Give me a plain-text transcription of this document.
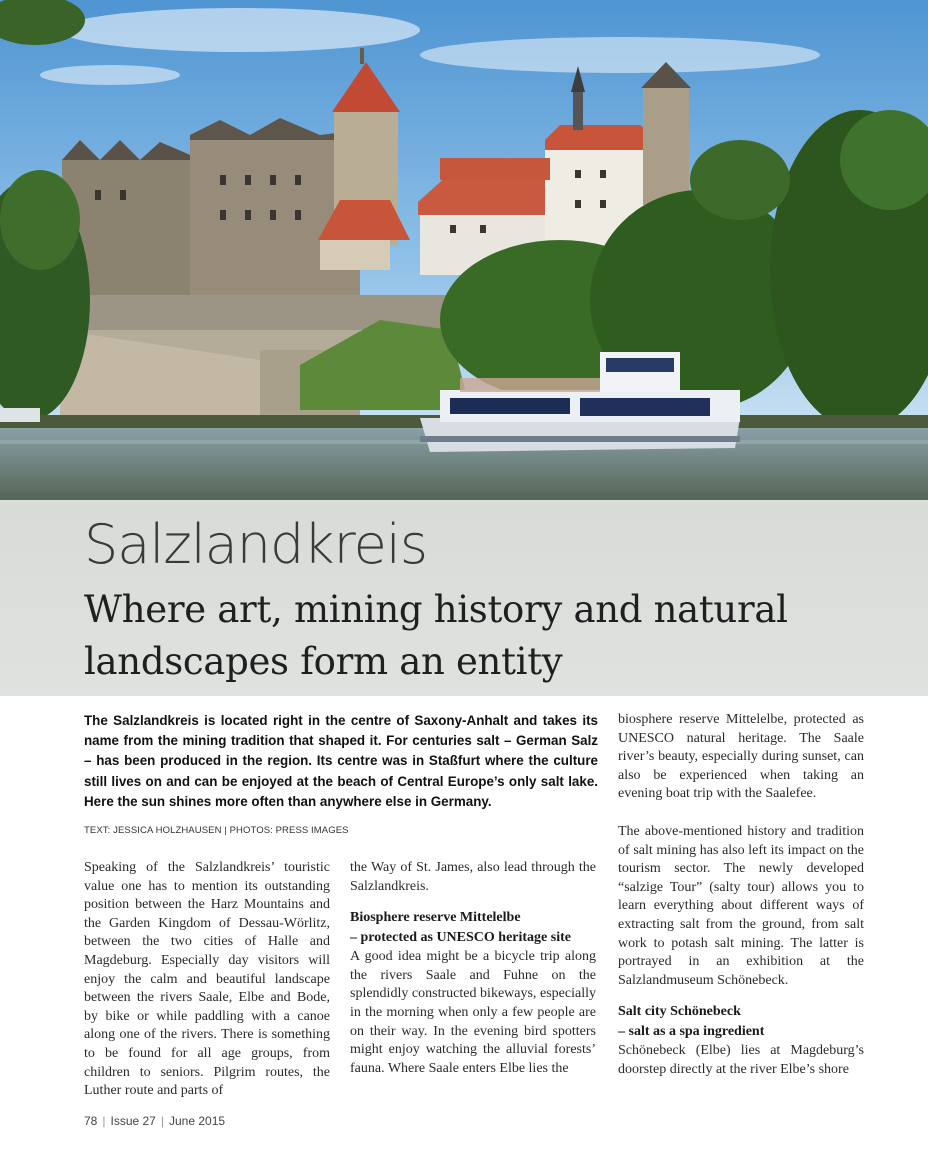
Salzlandkreis
Where art, mining history and natural landscapes form an entity

The Salzlandkreis is located right in the centre of Saxony-Anhalt and takes its name from the mining tradition that shaped it. For centuries salt – German Salz – has been produced in the region. Its centre was in Staßfurt where the culture still lives on and can be enjoyed at the beach of Central Europe’s only salt lake. Here the sun shines more often than anywhere else in Germany.

TEXT: JESSICA HOLZHAUSEN | PHOTOS: PRESS IMAGES

Speaking of the Salzlandkreis’ touristic value one has to mention its outstanding position between the Harz Mountains and the Garden Kingdom of Dessau-Wörlitz, between the two cities of Halle and Magdeburg. Especially day visitors will enjoy the calm and beautiful landscape between the rivers Saale, Elbe and Bode, by bike or while paddling with a canoe along one of the rivers. There is something to be found for all age groups, from children to seniors. Pilgrim routes, the Luther route and parts of

the Way of St. James, also lead through the Salzlandkreis.

Biosphere reserve Mittelelbe
– protected as UNESCO heritage site

A good idea might be a bicycle trip along the rivers Saale and Fuhne on the splendidly constructed bikeways, especially in the morning when only a few people are on their way. In the evening bird spotters might enjoy watching the alluvial forests’ fauna. Where Saale enters Elbe lies the

biosphere reserve Mittelelbe, protected as UNESCO natural heritage. The Saale river’s beauty, especially during sunset, can also be experienced when taking an evening boat trip with the Saalefee.

The above-mentioned history and tradition of salt mining has also left its impact on the tourism sector. The newly developed “salzige Tour” (salty tour) allows you to learn everything about different ways of extracting salt from the ground, from salt work to potash salt mining. The latter is portrayed in an exhibition at the Salzlandmuseum Schönebeck.

Salt city Schönebeck
– salt as a spa ingredient

Schönebeck (Elbe) lies at Magdeburg’s doorstep directly at the river Elbe’s shore

78 | Issue 27 | June 2015
